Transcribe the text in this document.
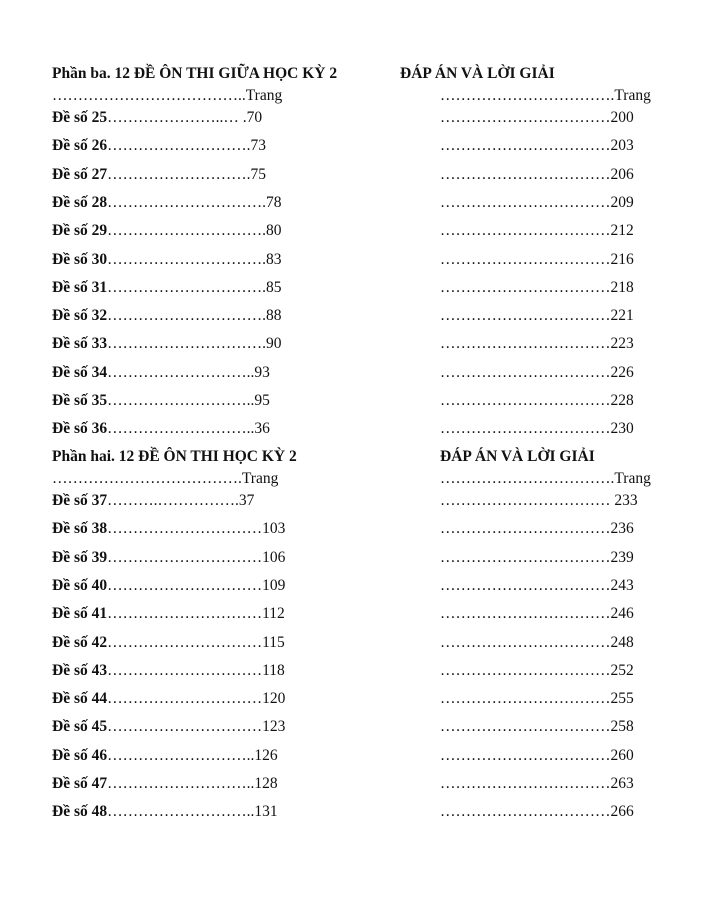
Phần ba. 12 ĐỀ ÔN THI GIỮA HỌC KỲ 2	ĐÁP ÁN VÀ LỜI GIẢI
………………………………..Trang	…………………………….Trang
Đề số 25…………………..… .70	……………………………200
Đề số 26……………………….73	……………………………203
Đề số 27……………………….75	……………………………206
Đề số 28………………………….78	……………………………209
Đề số 29………………………….80	……………………………212
Đề số 30………………………….83	……………………………216
Đề số 31………………………….85	……………………………218
Đề số 32………………………….88	……………………………221
Đề số 33………………………….90	……………………………223
Đề số 34………………………..93	……………………………226
Đề số 35………………………..95	……………………………228
Đề số 36………………………..36	……………………………230
Phần hai. 12 ĐỀ ÔN THI HỌC KỲ 2	ĐÁP ÁN VÀ LỜI GIẢI
……………………………….Trang	…………………………….Trang
Đề số 37……….…………….37	…………………………… 233
Đề số 38…………………………103	……………………………236
Đề số 39…………………………106	……………………………239
Đề số 40…………………………109	……………………………243
Đề số 41…………………………112	……………………………246
Đề số 42…………………………115	……………………………248
Đề số 43…………………………118	……………………………252
Đề số 44…………………………120	……………………………255
Đề số 45…………………………123	……………………………258
Đề số 46………………………..126	……………………………260
Đề số 47………………………..128	……………………………263
Đề số 48………………………..131	……………………………266
